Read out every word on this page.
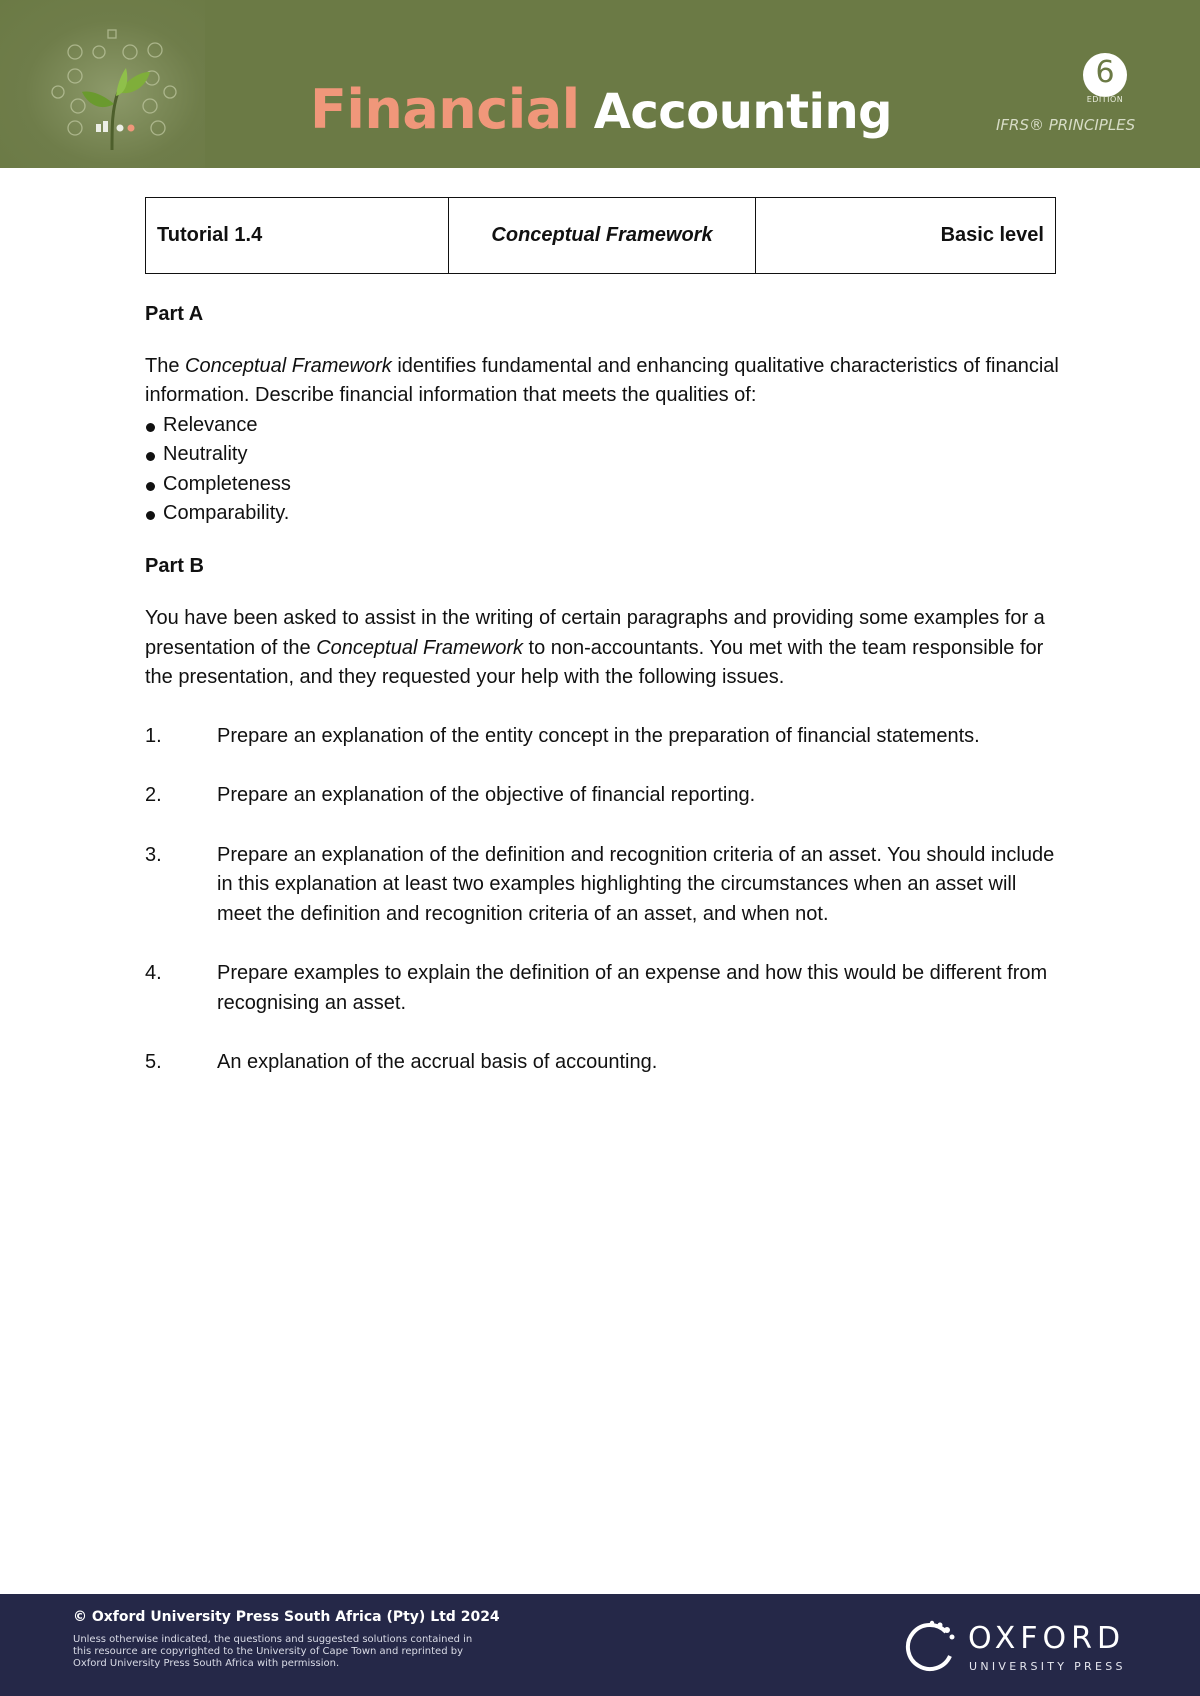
Financial Accounting
6
EDITION
IFRS® PRINCIPLES
Tutorial 1.4	Conceptual Framework	Basic level

Part A

The Conceptual Framework identifies fundamental and enhancing qualitative characteristics of financial information. Describe financial information that meets the qualities of:

Relevance
Neutrality
Completeness
Comparability.

Part B

You have been asked to assist in the writing of certain paragraphs and providing some examples for a presentation of the Conceptual Framework to non-accountants. You met with the team responsible for the presentation, and they requested your help with the following issues.

1.	Prepare an explanation of the entity concept in the preparation of financial statements.
2.	Prepare an explanation of the objective of financial reporting.
3.	Prepare an explanation of the definition and recognition criteria of an asset. You should include in this explanation at least two examples highlighting the circumstances when an asset will meet the definition and recognition criteria of an asset, and when not.
4.	Prepare examples to explain the definition of an expense and how this would be different from recognising an asset.
5.	An explanation of the accrual basis of accounting.
© Oxford University Press South Africa (Pty) Ltd 2024
Unless otherwise indicated, the questions and suggested solutions contained in this resource are copyrighted to the University of Cape Town and reprinted by Oxford University Press South Africa with permission.
OXFORD
UNIVERSITY PRESS
